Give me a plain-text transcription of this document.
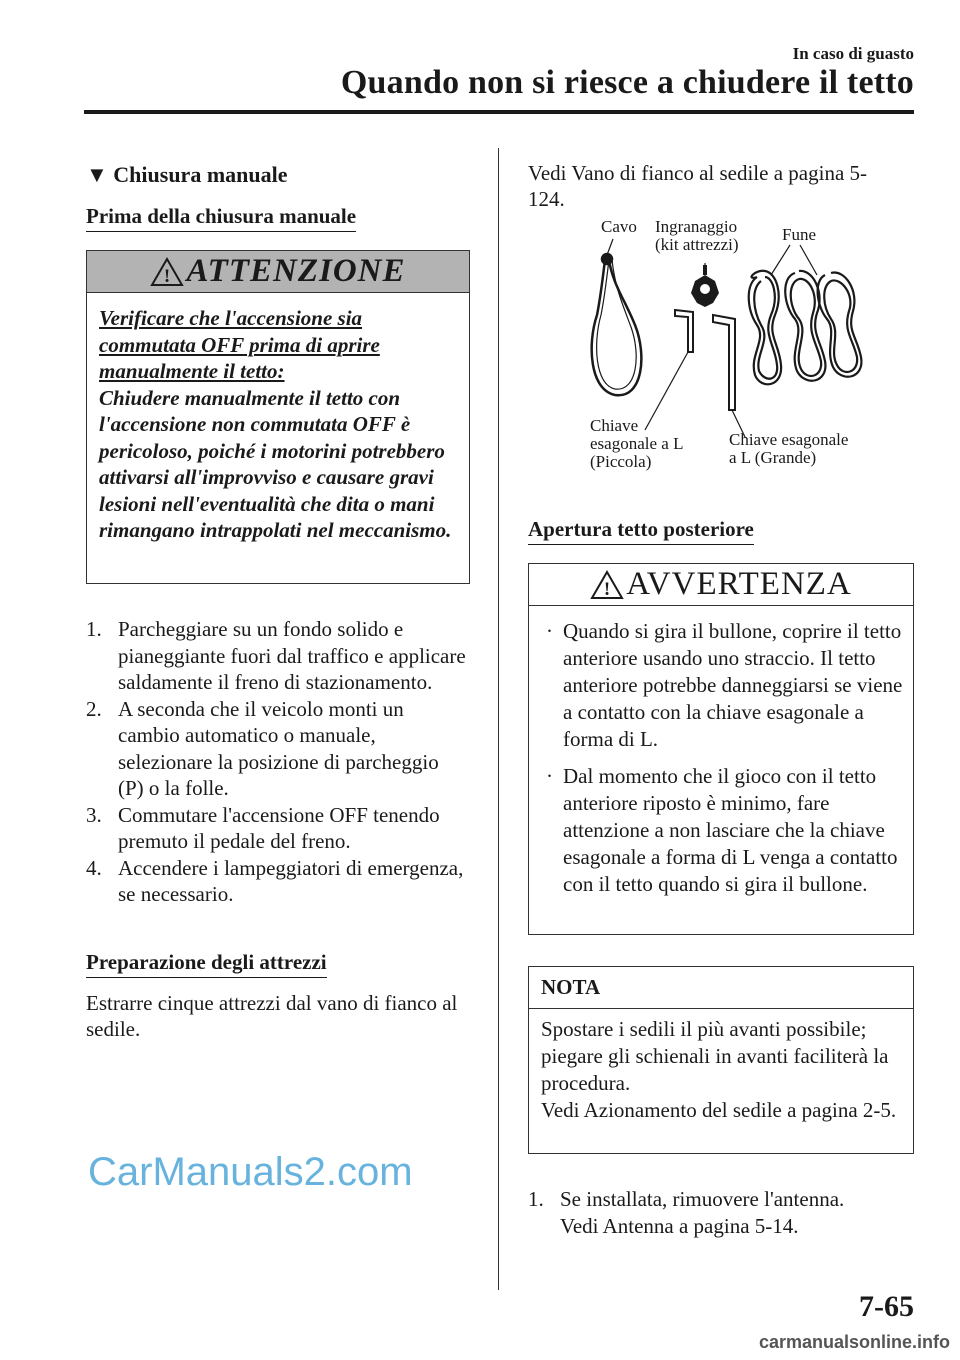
In caso di guasto
Quando non si riesce a chiudere il tetto
▼ Chiusura manuale
Prima della chiusura manuale
! ATTENZIONE
Verificare che l'accensione sia commutata OFF prima di aprire manualmente il tetto:
Chiudere manualmente il tetto con l'accensione non commutata OFF è pericoloso, poiché i motorini potrebbero attivarsi all'improvviso e causare gravi lesioni nell'eventualità che dita o mani rimangano intrappolati nel meccanismo.
1. Parcheggiare su un fondo solido e pianeggiante fuori dal traffico e applicare saldamente il freno di stazionamento.
2. A seconda che il veicolo monti un cambio automatico o manuale, selezionare la posizione di parcheggio (P) o la folle.
3. Commutare l'accensione OFF tenendo premuto il pedale del freno.
4. Accendere i lampeggiatori di emergenza, se necessario.
Preparazione degli attrezzi
Estrarre cinque attrezzi dal vano di fianco al sedile.
Vedi Vano di fianco al sedile a pagina 5-124.
Cavo Ingranaggio
(kit attrezzi)
Fune
Chiave
esagonale a L
(Piccola)
Chiave esagonale
a L (Grande)
Apertura tetto posteriore
! AVVERTENZA
· Quando si gira il bullone, coprire il tetto anteriore usando uno straccio. Il tetto anteriore potrebbe danneggiarsi se viene a contatto con la chiave esagonale a forma di L.
· Dal momento che il gioco con il tetto anteriore riposto è minimo, fare attenzione a non lasciare che la chiave esagonale a forma di L venga a contatto con il tetto quando si gira il bullone.
NOTA
Spostare i sedili il più avanti possibile; piegare gli schienali in avanti faciliterà la procedura.
Vedi Azionamento del sedile a pagina 2-5.
1. Se installata, rimuovere l'antenna.
Vedi Antenna a pagina 5-14.
CarManuals2.com
7-65
carmanualsonline.info
